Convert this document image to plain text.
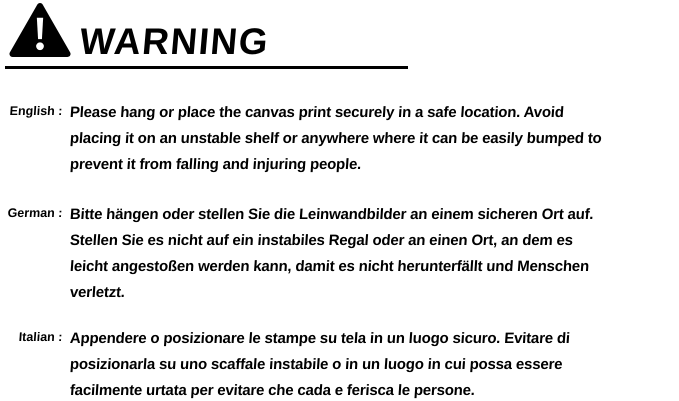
WARNING
English : Please hang or place the canvas print securely in a safe location. Avoid
placing it on an unstable shelf or anywhere where it can be easily bumped to
prevent it from falling and injuring people.
German : Bitte hängen oder stellen Sie die Leinwandbilder an einem sicheren Ort auf.
Stellen Sie es nicht auf ein instabiles Regal oder an einen Ort, an dem es
leicht angestoßen werden kann, damit es nicht herunterfällt und Menschen
verletzt.
Italian : Appendere o posizionare le stampe su tela in un luogo sicuro. Evitare di
posizionarla su uno scaffale instabile o in un luogo in cui possa essere
facilmente urtata per evitare che cada e ferisca le persone.
